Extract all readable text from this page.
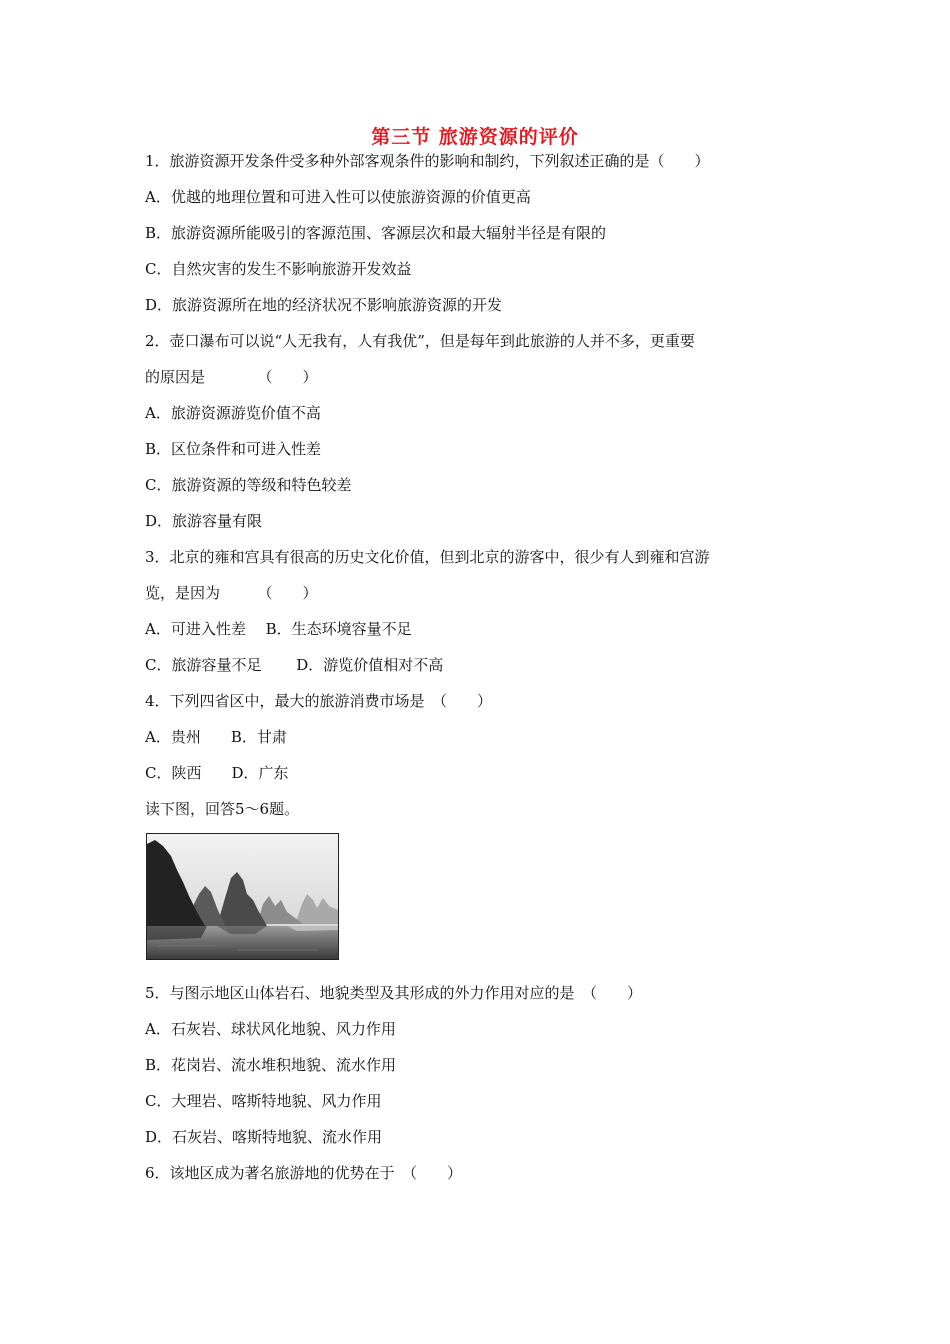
第三节 旅游资源的评价
1．旅游资源开发条件受多种外部客观条件的影响和制约，下列叙述正确的是（　　）
A．优越的地理位置和可进入性可以使旅游资源的价值更高
B．旅游资源所能吸引的客源范围、客源层次和最大辐射半径是有限的
C．自然灾害的发生不影响旅游开发效益
D．旅游资源所在地的经济状况不影响旅游资源的开发
2．壶口瀑布可以说“人无我有，人有我优”，但是每年到此旅游的人并不多，更重要
的原因是　　　　（　　）
A．旅游资源游览价值不高
B．区位条件和可进入性差
C．旅游资源的等级和特色较差
D．旅游容量有限
3．北京的雍和宫具有很高的历史文化价值，但到北京的游客中，很少有人到雍和宫游
览，是因为　　　（　　）
A．可进入性差　 B．生态环境容量不足
C．旅游容量不足　　 D．游览价值相对不高
4．下列四省区中，最大的旅游消费市场是　（　　）
A．贵州　　B．甘肃
C．陕西　　D．广东
读下图，回答5～6题。
5．与图示地区山体岩石、地貌类型及其形成的外力作用对应的是　（　　）
A．石灰岩、球状风化地貌、风力作用
B．花岗岩、流水堆积地貌、流水作用
C．大理岩、喀斯特地貌、风力作用
D．石灰岩、喀斯特地貌、流水作用
6．该地区成为著名旅游地的优势在于　（　　）
